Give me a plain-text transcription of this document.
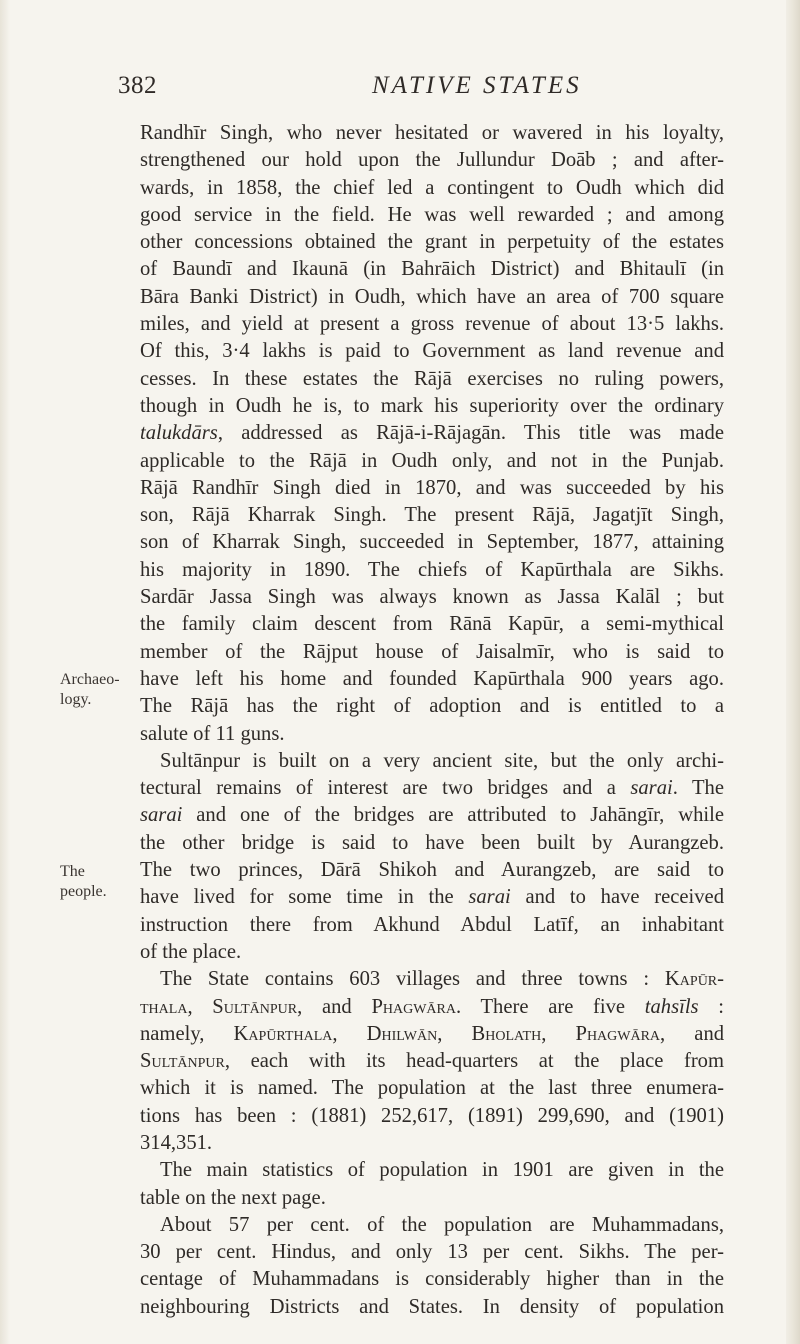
382	NATIVE STATES
Archaeo-
logy.
The
people.
Randhīr Singh, who never hesitated or wavered in his loyalty,
strengthened our hold upon the Jullundur Doāb ; and after-
wards, in 1858, the chief led a contingent to Oudh which did
good service in the field. He was well rewarded ; and among
other concessions obtained the grant in perpetuity of the estates
of Baundī and Ikaunā (in Bahrāich District) and Bhitaulī (in
Bāra Banki District) in Oudh, which have an area of 700 square
miles, and yield at present a gross revenue of about 13·5 lakhs.
Of this, 3·4 lakhs is paid to Government as land revenue and
cesses. In these estates the Rājā exercises no ruling powers,
though in Oudh he is, to mark his superiority over the ordinary
talukdārs, addressed as Rājā-i-Rājagān. This title was made
applicable to the Rājā in Oudh only, and not in the Punjab.
Rājā Randhīr Singh died in 1870, and was succeeded by his
son, Rājā Kharrak Singh. The present Rājā, Jagatjīt Singh,
son of Kharrak Singh, succeeded in September, 1877, attaining
his majority in 1890. The chiefs of Kapūrthala are Sikhs.
Sardār Jassa Singh was always known as Jassa Kalāl ; but
the family claim descent from Rānā Kapūr, a semi-mythical
member of the Rājput house of Jaisalmīr, who is said to
have left his home and founded Kapūrthala 900 years ago.
The Rājā has the right of adoption and is entitled to a
salute of 11 guns.
Sultānpur is built on a very ancient site, but the only archi-
tectural remains of interest are two bridges and a sarai. The
sarai and one of the bridges are attributed to Jahāngīr, while
the other bridge is said to have been built by Aurangzeb.
The two princes, Dārā Shikoh and Aurangzeb, are said to
have lived for some time in the sarai and to have received
instruction there from Akhund Abdul Latīf, an inhabitant
of the place.
The State contains 603 villages and three towns : Kapūr-
thala, Sultānpur, and Phagwāra. There are five tahsīls :
namely, Kapūrthala, Dhilwān, Bholath, Phagwāra, and
Sultānpur, each with its head-quarters at the place from
which it is named. The population at the last three enumera-
tions has been : (1881) 252,617, (1891) 299,690, and (1901)
314,351.
The main statistics of population in 1901 are given in the
table on the next page.
About 57 per cent. of the population are Muhammadans,
30 per cent. Hindus, and only 13 per cent. Sikhs. The per-
centage of Muhammadans is considerably higher than in the
neighbouring Districts and States. In density of population
